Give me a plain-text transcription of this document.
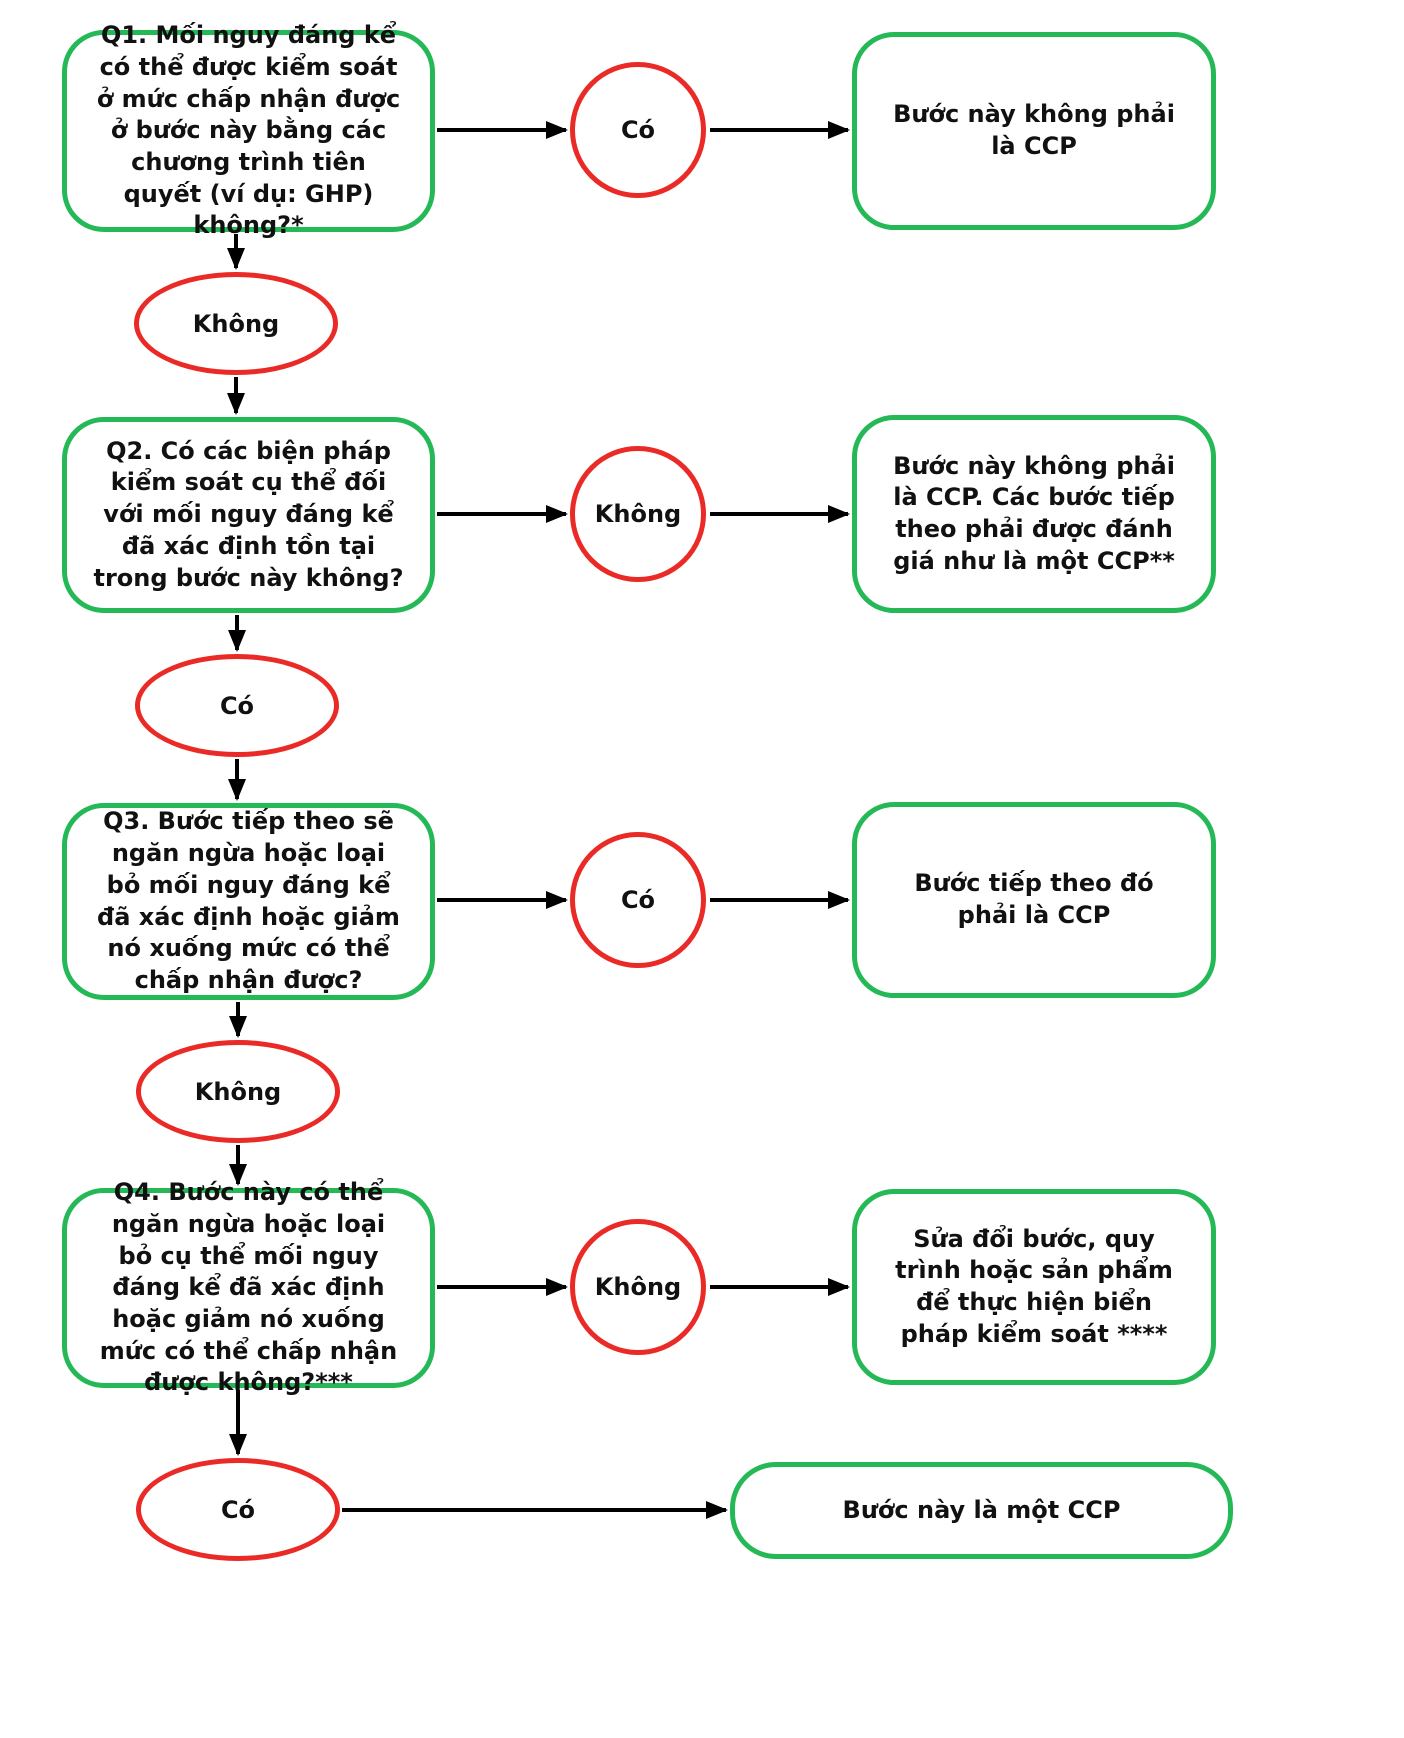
Q1. Mối nguy đáng kể có thể được kiểm soát ở mức chấp nhận được ở bước này bằng các chương trình tiên quyết (ví dụ: GHP) không?*
Có
Bước này không phải là CCP
Không
Q2. Có các biện pháp kiểm soát cụ thể đối với mối nguy đáng kể đã xác định tồn tại trong bước này không?
Không
Bước này không phải là CCP. Các bước tiếp theo phải được đánh giá như là một CCP**
Có
Q3. Bước tiếp theo sẽ ngăn ngừa hoặc loại bỏ mối nguy đáng kể đã xác định hoặc giảm nó xuống mức có thể chấp nhận được?
Có
Bước tiếp theo đó phải là CCP
Không
Q4. Bước này có thể ngăn ngừa hoặc loại bỏ cụ thể mối nguy đáng kể đã xác định hoặc giảm nó xuống mức có thể chấp nhận được không?***
Không
Sửa đổi bước, quy trình hoặc sản phẩm để thực hiện biển pháp kiểm soát ****
Có	Bước này là một CCP
